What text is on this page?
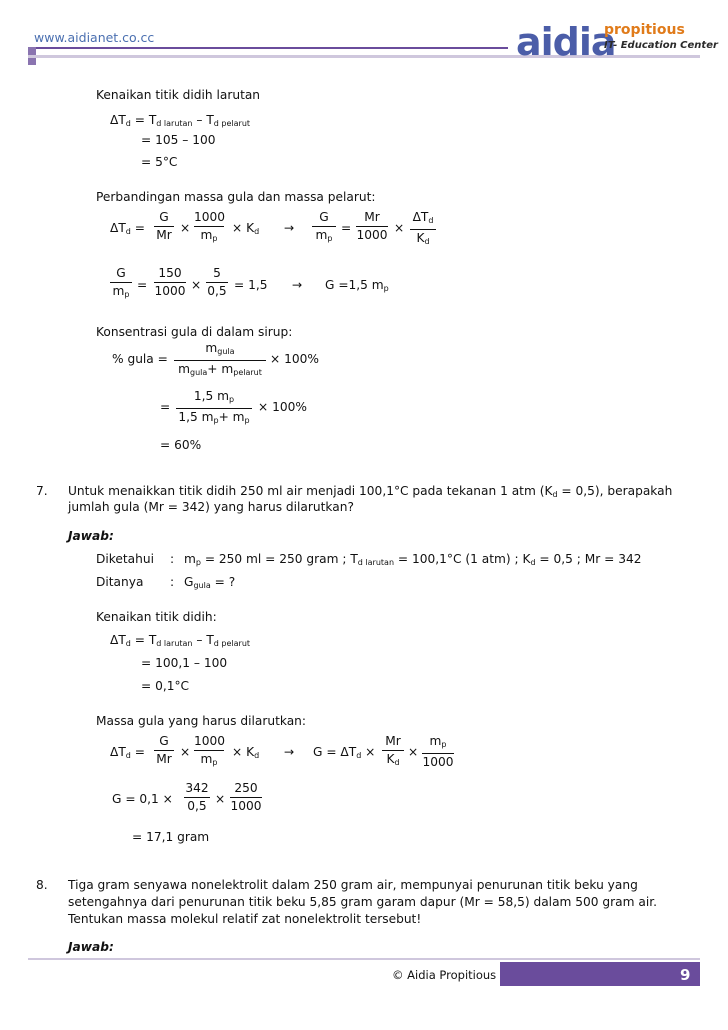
www.aidianet.co.cc	aidia
propitious
IT- Education Center
Kenaikan titik didih larutan
$\Delta T_d = T_{d larutan} - T_{d pelarut}$
= 105 – 100
= 5°C
Perbandingan massa gula dan massa pelarut:
$\Delta T_d$ =
G
Mr ×
1000
$m_p$
× $K_d$ →
G
$m_p$
=
Mr
1000 ×
$\Delta T_d$
$K_d$
G
$m_p$
=
150
1000 ×
5
0,5 = 1,5 → G =1,5 $m_p$
Konsentrasi gula di dalam sirup:
% gula =
$m_{gula}$
$m_{gula}+ m_{pelarut}$
× 100%
=
1,5 $m_p$
1,5 $m_p+ m_p$
× 100%
= 60%
7. Untuk menaikkan titik didih 250 ml air menjadi 100,1°C pada tekanan 1 atm $(K_d = 0,5)$, berapakah
jumlah gula (Mr = 342) yang harus dilarutkan?
Jawab:
Diketahui : $m_p = 250$ ml = 250 gram ; $T_{d larutan} = 100,1^\circ C$ (1 atm) ; $K_d = 0,5$ ; Mr = 342
Ditanya : $G_{gula}$ = ?
Kenaikan titik didih:
$\Delta T_d = T_{d larutan} - T_{d pelarut}$
= 100,1 – 100
= 0,1°C
Massa gula yang harus dilarutkan:
$\Delta T_d$ =
G
Mr ×
1000
$m_p$
× $K_d \to G = \Delta T_d$ ×
Mr
$K_d$
×
$m_p$
1000
G = 0,1 ×
342
0,5 ×
250
1000
= 17,1 gram
8. Tiga gram senyawa nonelektrolit dalam 250 gram air, mempunyai penurunan titik beku yang
setengahnya dari penurunan titik beku 5,85 gram garam dapur (Mr = 58,5) dalam 500 gram air.
Tentukan massa molekul relatif zat nonelektrolit tersebut!
Jawab:
© Aidia Propitious	9
